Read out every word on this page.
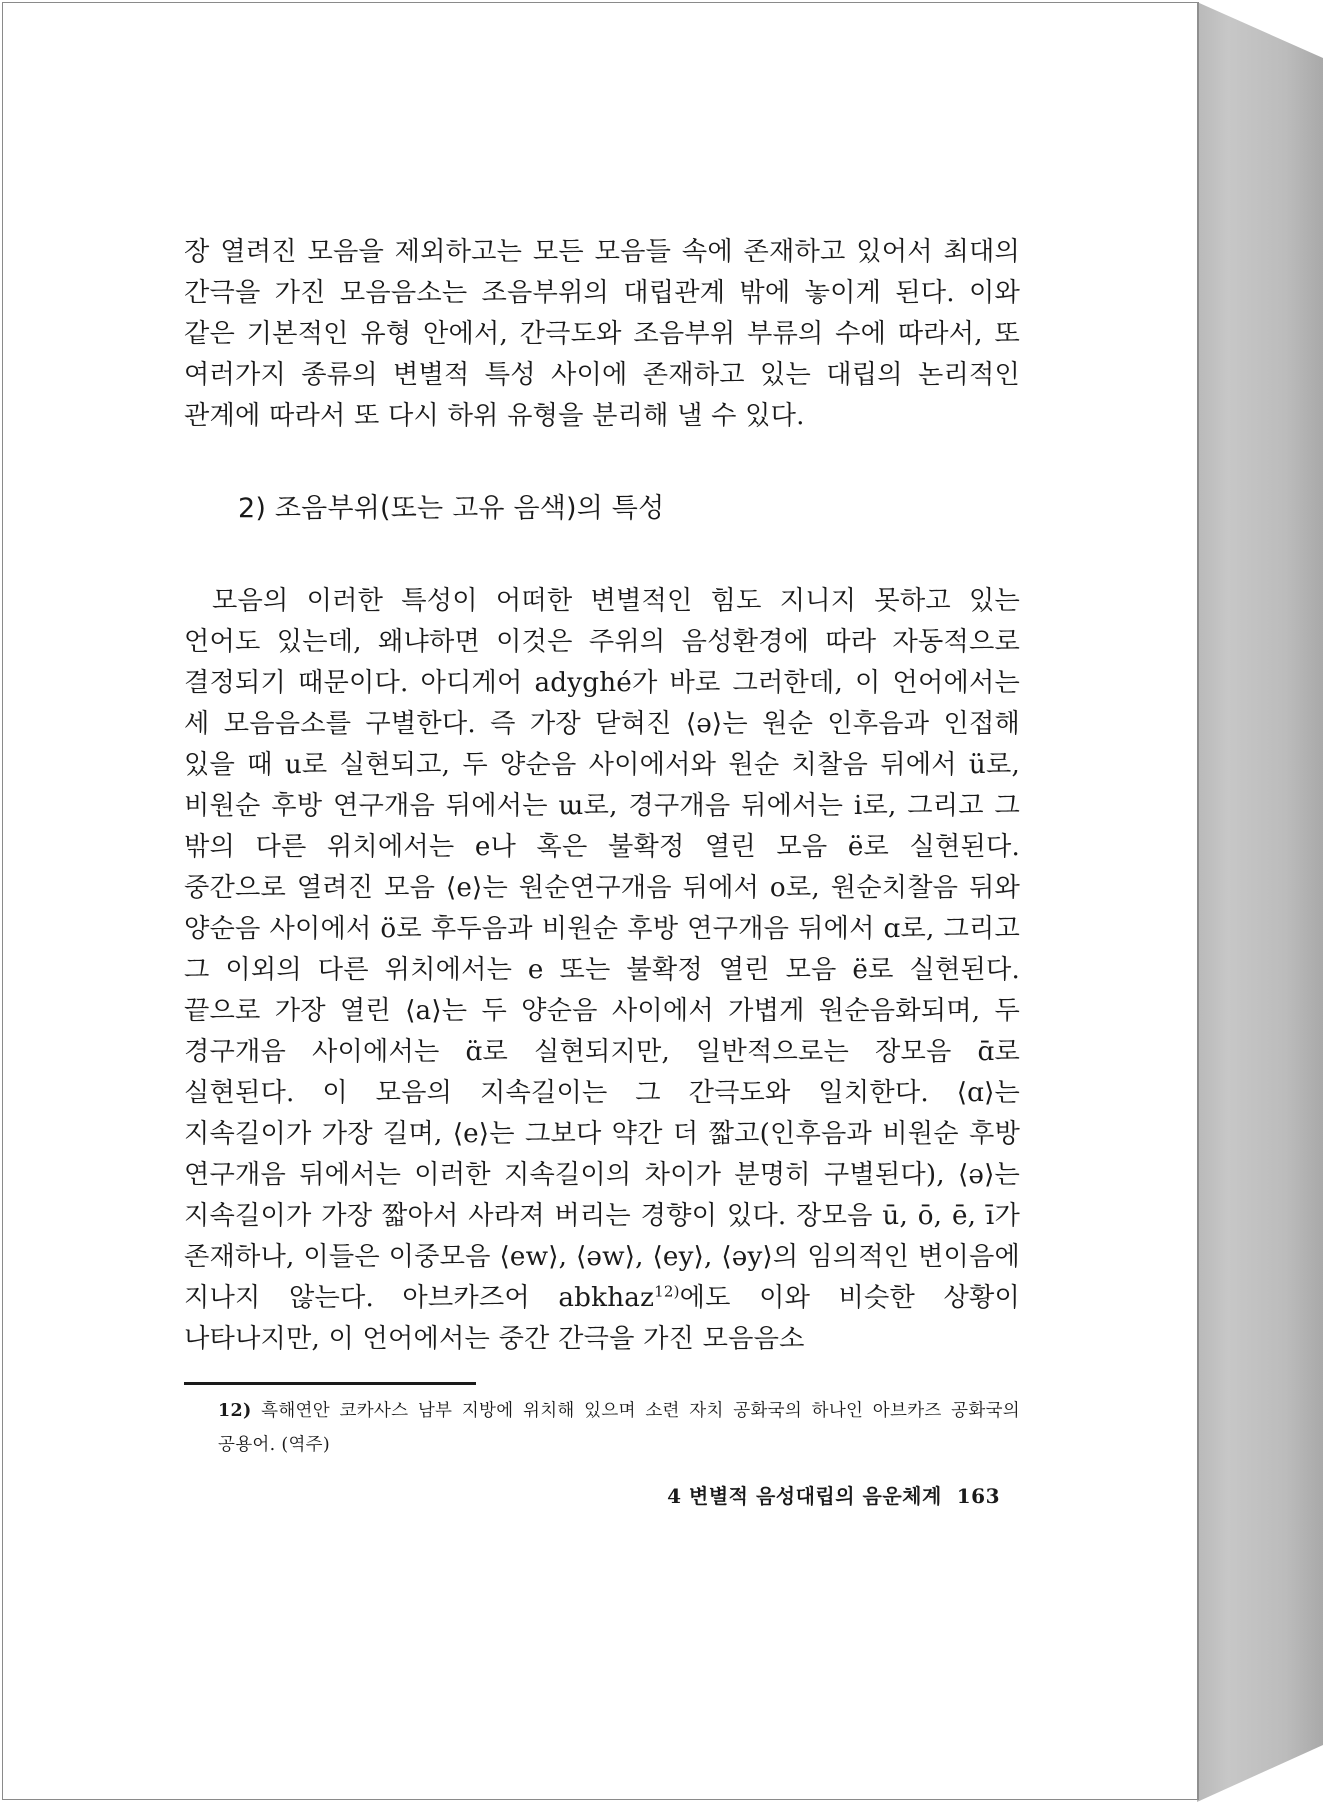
장 열려진 모음을 제외하고는 모든 모음들 속에 존재하고 있어서 최대의 간극을 가진 모음음소는 조음부위의 대립관계 밖에 놓이게 된다. 이와 같은 기본적인 유형 안에서, 간극도와 조음부위 부류의 수에 따라서, 또 여러가지 종류의 변별적 특성 사이에 존재하고 있는 대립의 논리적인 관계에 따라서 또 다시 하위 유형을 분리해 낼 수 있다.

2) 조음부위(또는 고유 음색)의 특성

모음의 이러한 특성이 어떠한 변별적인 힘도 지니지 못하고 있는 언어도 있는데, 왜냐하면 이것은 주위의 음성환경에 따라 자동적으로 결정되기 때문이다. 아디게어 adyghé가 바로 그러한데, 이 언어에서는 세 모음음소를 구별한다. 즉 가장 닫혀진 ⟨ə⟩는 원순 인후음과 인접해 있을 때 u로 실현되고, 두 양순음 사이에서와 원순 치찰음 뒤에서 ü로, 비원순 후방 연구개음 뒤에서는 ɯ로, 경구개음 뒤에서는 i로, 그리고 그 밖의 다른 위치에서는 e나 혹은 불확정 열린 모음 ë로 실현된다. 중간으로 열려진 모음 ⟨e⟩는 원순연구개음 뒤에서 o로, 원순치찰음 뒤와 양순음 사이에서 ö로 후두음과 비원순 후방 연구개음 뒤에서 ɑ로, 그리고 그 이외의 다른 위치에서는 e 또는 불확정 열린 모음 ë로 실현된다. 끝으로 가장 열린 ⟨a⟩는 두 양순음 사이에서 가볍게 원순음화되며, 두 경구개음 사이에서는 ɑ̈로 실현되지만, 일반적으로는 장모음 ɑ̄로 실현된다. 이 모음의 지속길이는 그 간극도와 일치한다. ⟨ɑ⟩는 지속길이가 가장 길며, ⟨e⟩는 그보다 약간 더 짧고(인후음과 비원순 후방 연구개음 뒤에서는 이러한 지속길이의 차이가 분명히 구별된다), ⟨ə⟩는 지속길이가 가장 짧아서 사라져 버리는 경향이 있다. 장모음 ū, ō, ē, ī가 존재하나, 이들은 이중모음 ⟨ew⟩, ⟨əw⟩, ⟨ey⟩, ⟨əy⟩의 임의적인 변이음에 지나지 않는다. 아브카즈어 abkhaz$^{12)}$에도 이와 비슷한 상황이 나타나지만, 이 언어에서는 중간 간극을 가진 모음음소

12) 흑해연안 코카사스 남부 지방에 위치해 있으며 소련 자치 공화국의 하나인 아브카즈 공화국의 공용어. (역주)

4 변별적 음성대립의 음운체계 163
